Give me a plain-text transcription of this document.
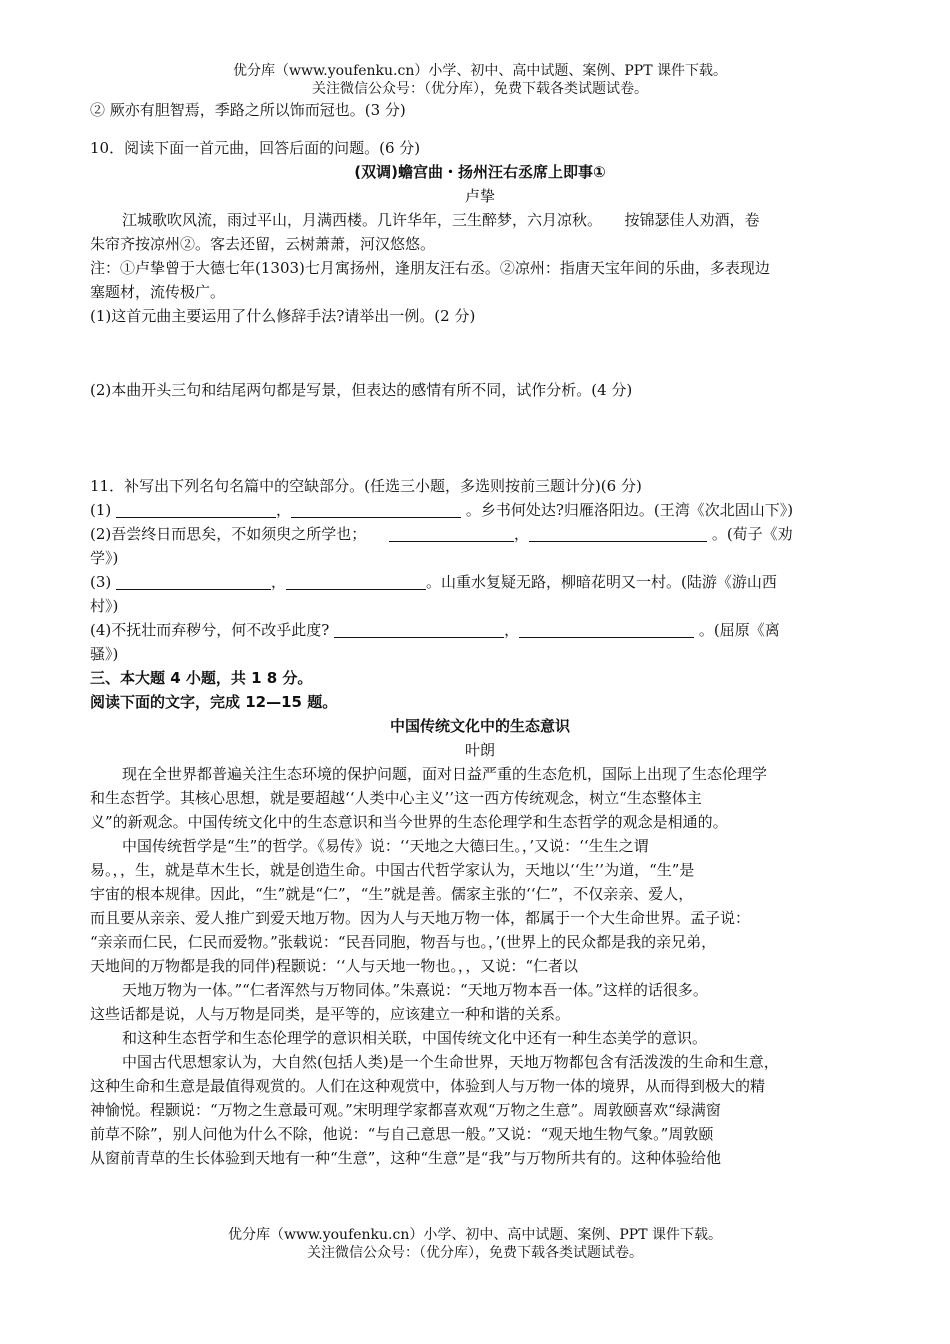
优分库（www.youfenku.cn）小学、初中、高中试题、案例、PPT 课件下载。
关注微信公众号：（优分库），免费下载各类试题试卷。

② 厥亦有胆智焉，季路之所以饰而冠也。(3 分)

10．阅读下面一首元曲，回答后面的问题。(6 分)

(双调)蟾宫曲・扬州汪右丞席上即事①

卢挚

江城歌吹风流，雨过平山，月满西楼。几许华年，三生醉梦，六月凉秋。　　按锦瑟佳人劝酒，卷

朱帘齐按凉州②。客去还留，云树萧萧，河汉悠悠。

注：①卢挚曾于大德七年(1303)七月寓扬州，逢朋友汪右丞。②凉州：指唐天宝年间的乐曲，多表现边

塞题材，流传极广。

(1)这首元曲主要运用了什么修辞手法?请举出一例。(2 分)

(2)本曲开头三句和结尾两句都是写景，但表达的感情有所不同，试作分析。(4 分)

11．补写出下列名句名篇中的空缺部分。(任选三小题，多选则按前三题计分)(6 分)

(1)	，	。乡书何处达?归雁洛阳边。(王湾《次北固山下》)

(2)吾尝终日而思矣，不如须臾之所学也；	，	。(荀子《劝

学》)

(3)	，	。山重水复疑无路，柳暗花明又一村。(陆游《游山西

村》)

(4)不抚壮而弃秽兮，何不改乎此度?	，	。(屈原《离

骚》)

三、本大题 4 小题，共 1 8 分。

阅读下面的文字，完成 12—15 题。

中国传统文化中的生态意识

叶朗

现在全世界都普遍关注生态环境的保护问题，面对日益严重的生态危机，国际上出现了生态伦理学

和生态哲学。其核心思想，就是要超越‘‘人类中心主义’’这一西方传统观念，树立“生态整体主

义”的新观念。中国传统文化中的生态意识和当今世界的生态伦理学和生态哲学的观念是相通的。

中国传统哲学是“生”的哲学。《易传》说：‘‘天地之大德曰生。，’又说：‘‘生生之谓

易。，，生，就是草木生长，就是创造生命。中国古代哲学家认为，天地以‘‘生’’为道，“生”是

宇宙的根本规律。因此，“生”就是“仁”，“生”就是善。儒家主张的‘‘仁”，不仅亲亲、爱人，

而且要从亲亲、爱人推广到爱天地万物。因为人与天地万物一体，都属于一个大生命世界。孟子说：

“亲亲而仁民，仁民而爱物。”张载说：“民吾同胞，物吾与也。，’(世界上的民众都是我的亲兄弟，

天地间的万物都是我的同伴)程颢说：‘‘人与天地一物也。，，又说：“仁者以

天地万物为一体。”“仁者浑然与万物同体。”朱熹说：“天地万物本吾一体。”这样的话很多。

这些话都是说，人与万物是同类，是平等的，应该建立一种和谐的关系。

和这种生态哲学和生态伦理学的意识相关联，中国传统文化中还有一种生态美学的意识。

中国古代思想家认为，大自然(包括人类)是一个生命世界，天地万物都包含有活泼泼的生命和生意，

这种生命和生意是最值得观赏的。人们在这种观赏中，体验到人与万物一体的境界，从而得到极大的精

神愉悦。程颢说：“万物之生意最可观。”宋明理学家都喜欢观“万物之生意”。周敦颐喜欢“绿满窗

前草不除”，别人问他为什么不除，他说：“与自己意思一般。”又说：“观天地生物气象。”周敦颐

从窗前青草的生长体验到天地有一种“生意”，这种“生意”是“我”与万物所共有的。这种体验给他

优分库（www.youfenku.cn）小学、初中、高中试题、案例、PPT 课件下载。
关注微信公众号：（优分库），免费下载各类试题试卷。
